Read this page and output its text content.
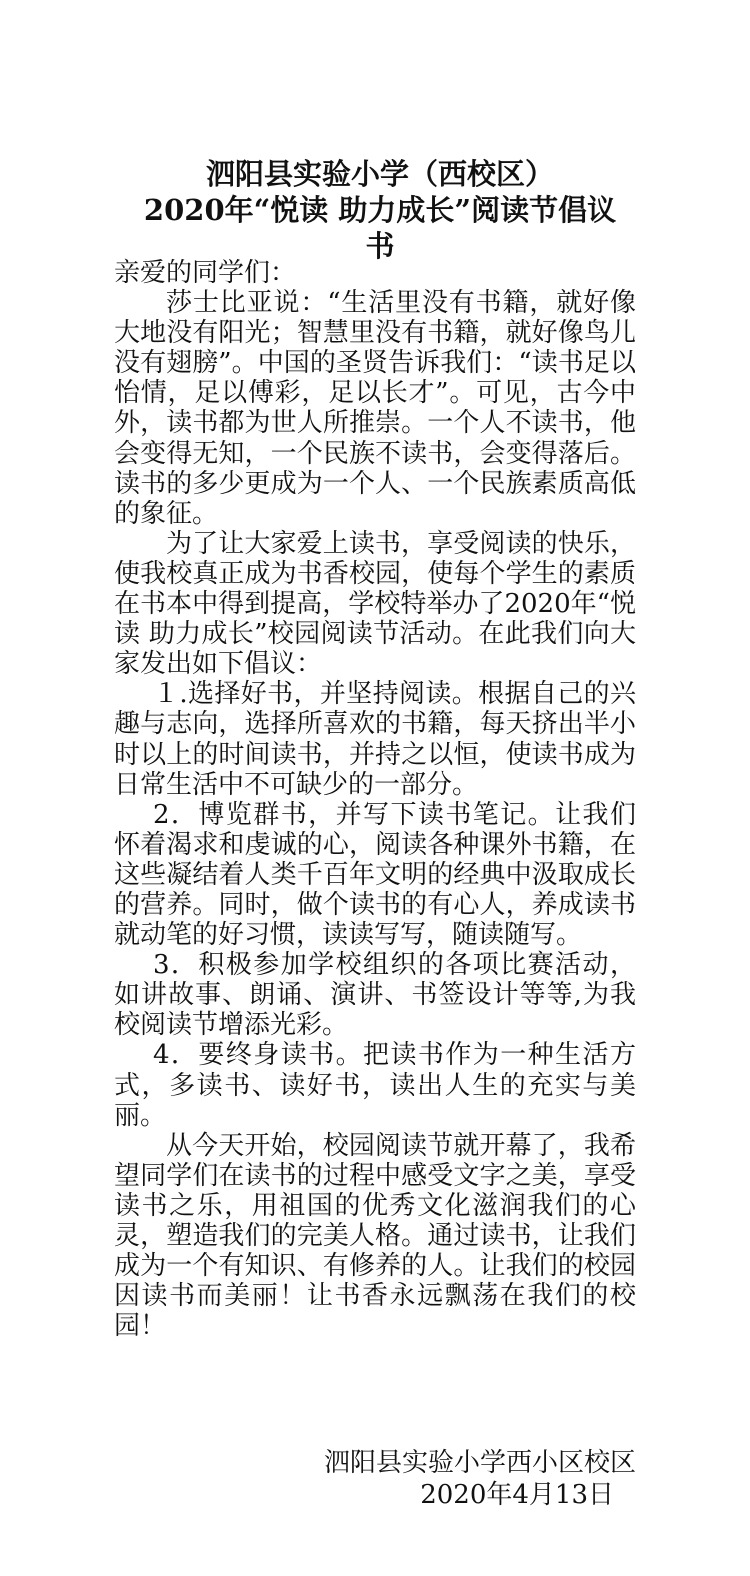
泗阳县实验小学（西校区）
2020年“悦读 助力成长”阅读节倡议
书

亲爱的同学们：

莎士比亚说：“生活里没有书籍，就好像大地没有阳光；智慧里没有书籍，就好像鸟儿没有翅膀”。中国的圣贤告诉我们：“读书足以怡情，足以傅彩，足以长才”。可见，古今中外，读书都为世人所推崇。一个人不读书，他会变得无知，一个民族不读书，会变得落后。读书的多少更成为一个人、一个民族素质高低的象征。

为了让大家爱上读书，享受阅读的快乐，使我校真正成为书香校园，使每个学生的素质在书本中得到提高，学校特举办了2020年“悦读 助力成长”校园阅读节活动。在此我们向大家发出如下倡议：

１.选择好书，并坚持阅读。根据自己的兴趣与志向，选择所喜欢的书籍，每天挤出半小时以上的时间读书，并持之以恒，使读书成为日常生活中不可缺少的一部分。

2．博览群书，并写下读书笔记。让我们怀着渴求和虔诚的心，阅读各种课外书籍，在这些凝结着人类千百年文明的经典中汲取成长的营养。同时，做个读书的有心人，养成读书就动笔的好习惯，读读写写，随读随写。

3．积极参加学校组织的各项比赛活动，如讲故事、朗诵、演讲、书签设计等等,为我校阅读节增添光彩。

4．要终身读书。把读书作为一种生活方式，多读书、读好书，读出人生的充实与美丽。

从今天开始，校园阅读节就开幕了，我希望同学们在读书的过程中感受文字之美，享受读书之乐，用祖国的优秀文化滋润我们的心灵，塑造我们的完美人格。通过读书，让我们成为一个有知识、有修养的人。让我们的校园因读书而美丽！让书香永远飘荡在我们的校园！

泗阳县实验小学西小区校区

2020年4月13日
